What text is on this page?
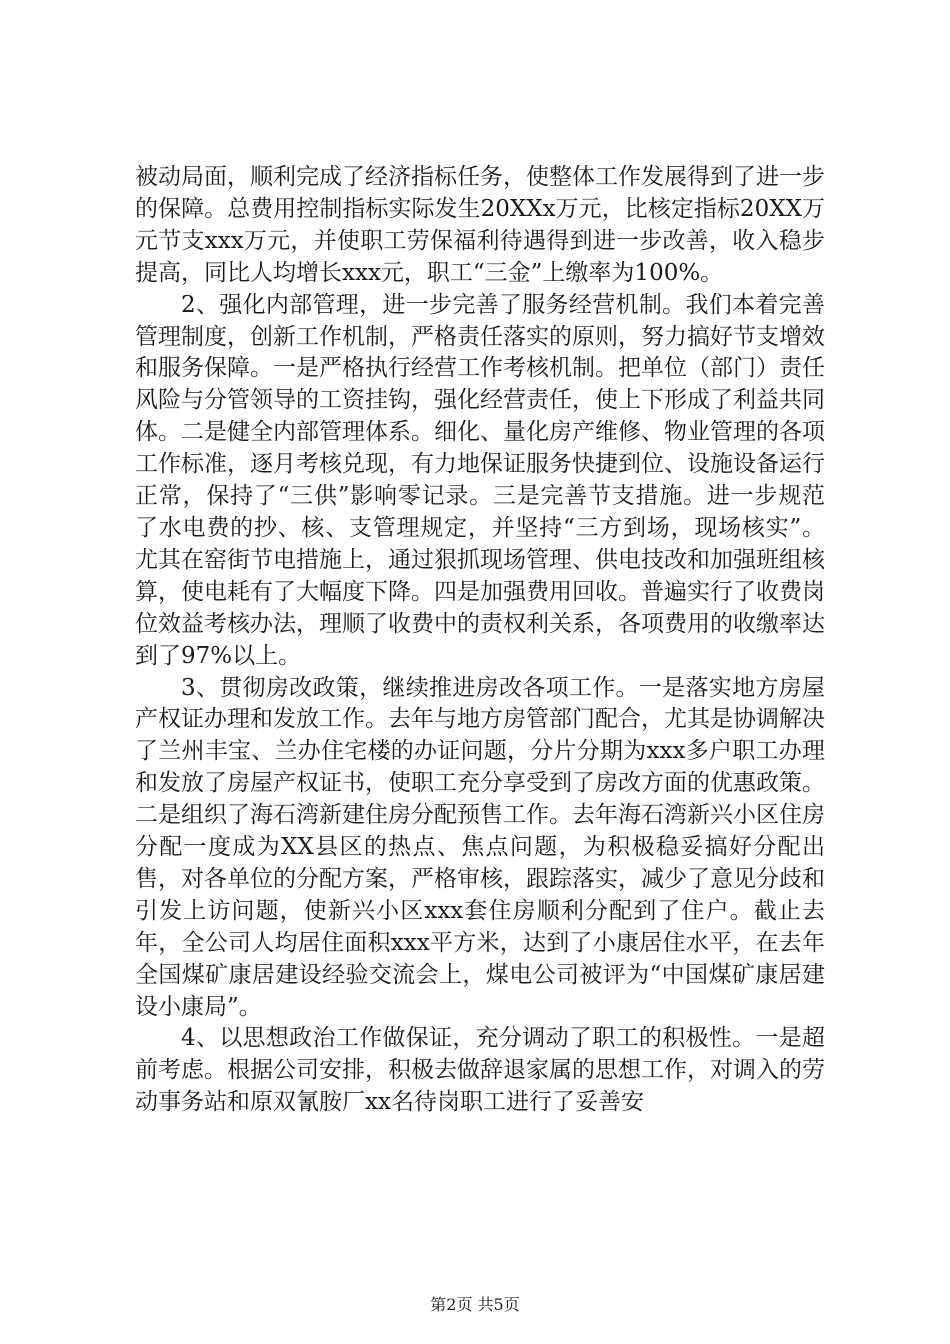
被动局面，顺利完成了经济指标任务，使整体工作发展得到了进一步的保障。总费用控制指标实际发生20XXx万元，比核定指标20XX万元节支xxx万元，并使职工劳保福利待遇得到进一步改善，收入稳步提高，同比人均增长xxx元，职工“三金”上缴率为100%。

2、强化内部管理，进一步完善了服务经营机制。我们本着完善管理制度，创新工作机制，严格责任落实的原则，努力搞好节支增效和服务保障。一是严格执行经营工作考核机制。把单位（部门）责任风险与分管领导的工资挂钩，强化经营责任，使上下形成了利益共同体。二是健全内部管理体系。细化、量化房产维修、物业管理的各项工作标准，逐月考核兑现，有力地保证服务快捷到位、设施设备运行正常，保持了“三供”影响零记录。三是完善节支措施。进一步规范了水电费的抄、核、支管理规定，并坚持“三方到场，现场核实”。尤其在窑街节电措施上，通过狠抓现场管理、供电技改和加强班组核算，使电耗有了大幅度下降。四是加强费用回收。普遍实行了收费岗位效益考核办法，理顺了收费中的责权利关系，各项费用的收缴率达到了97%以上。

3、贯彻房改政策，继续推进房改各项工作。一是落实地方房屋产权证办理和发放工作。去年与地方房管部门配合，尤其是协调解决了兰州丰宝、兰办住宅楼的办证问题，分片分期为xxx多户职工办理和发放了房屋产权证书，使职工充分享受到了房改方面的优惠政策。二是组织了海石湾新建住房分配预售工作。去年海石湾新兴小区住房分配一度成为XX县区的热点、焦点问题，为积极稳妥搞好分配出售，对各单位的分配方案，严格审核，跟踪落实，减少了意见分歧和引发上访问题，使新兴小区xxx套住房顺利分配到了住户。截止去年，全公司人均居住面积xxx平方米，达到了小康居住水平，在去年全国煤矿康居建设经验交流会上，煤电公司被评为“中国煤矿康居建设小康局”。

4、以思想政治工作做保证，充分调动了职工的积极性。一是超前考虑。根据公司安排，积极去做辞退家属的思想工作，对调入的劳动事务站和原双氰胺厂xx名待岗职工进行了妥善安

第2页 共5页
